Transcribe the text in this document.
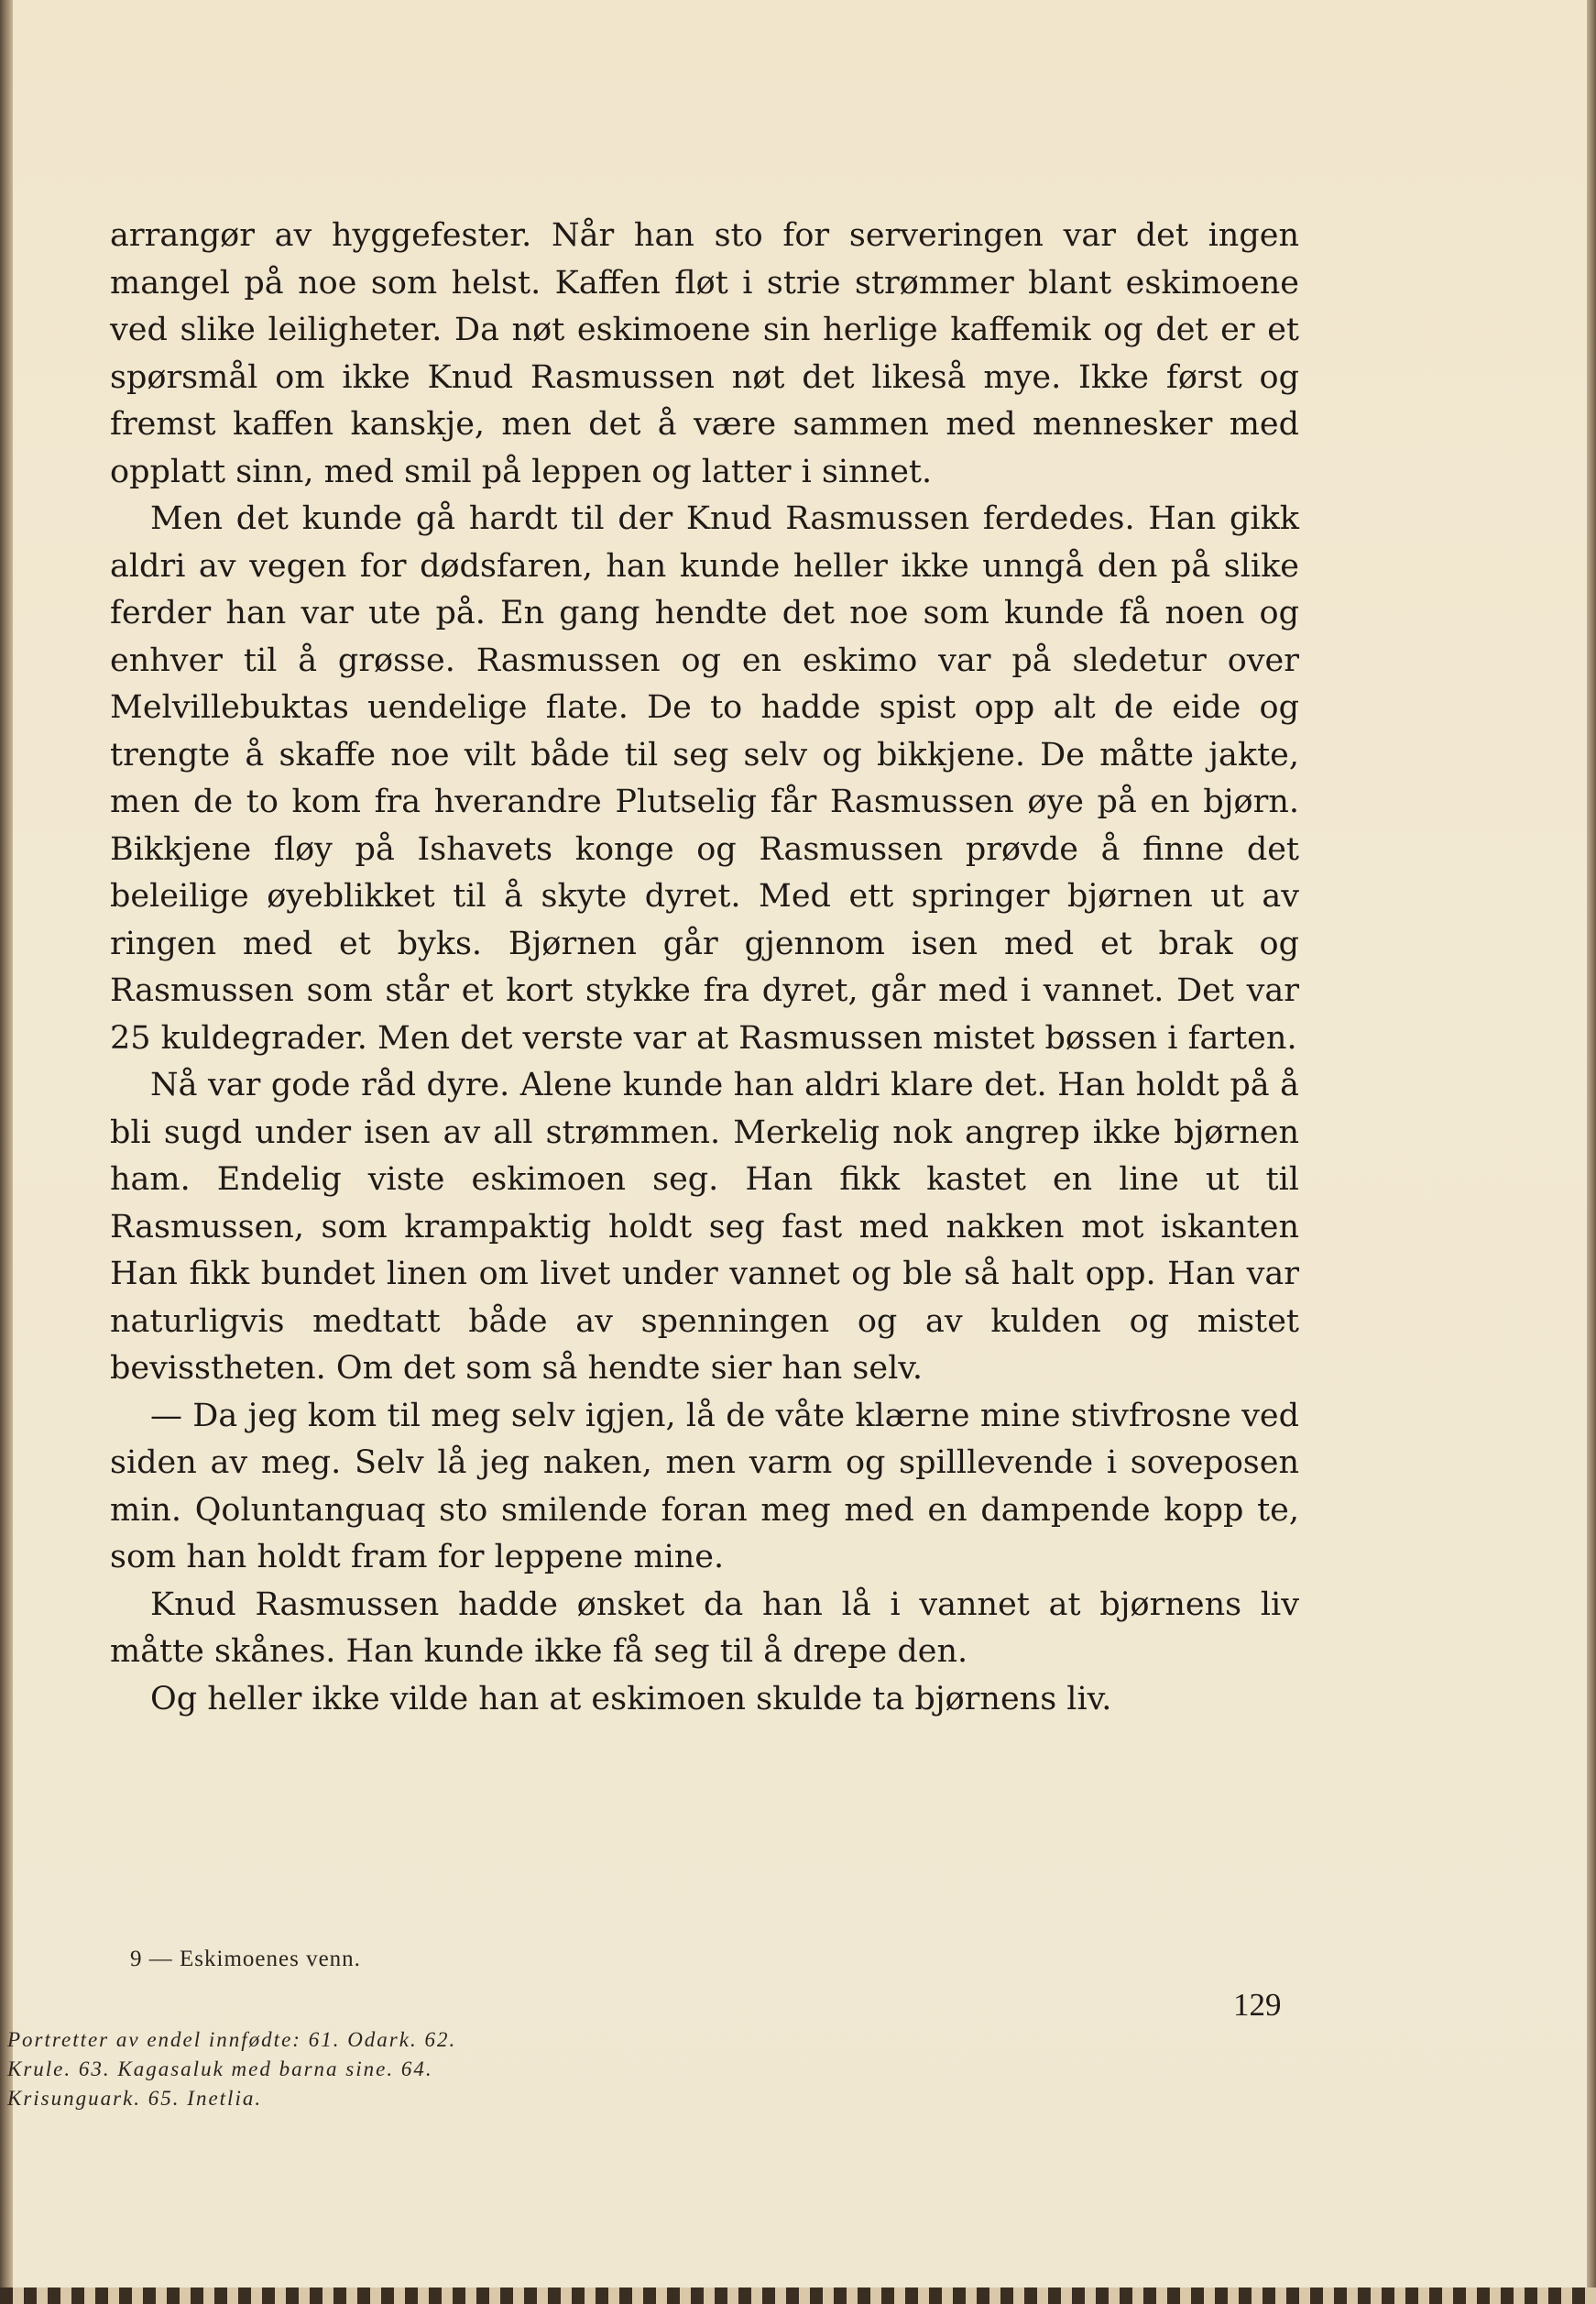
arrangør av hyggefester. Når han sto for serveringen var det ingen mangel på noe som helst. Kaffen fløt i strie strømmer blant eskimoene ved slike leiligheter. Da nøt eskimoene sin herlige kaffemik og det er et spørsmål om ikke Knud Rasmussen nøt det likeså mye. Ikke først og fremst kaffen kanskje, men det å være sammen med mennesker med opplatt sinn, med smil på leppen og latter i sinnet.

Men det kunde gå hardt til der Knud Rasmussen ferdedes. Han gikk aldri av vegen for dødsfaren, han kunde heller ikke unngå den på slike ferder han var ute på. En gang hendte det noe som kunde få noen og enhver til å grøsse. Rasmussen og en eskimo var på sledetur over Melvillebuktas uendelige flate. De to hadde spist opp alt de eide og trengte å skaffe noe vilt både til seg selv og bikkjene. De måtte jakte, men de to kom fra hverandre Plutselig får Rasmussen øye på en bjørn. Bikkjene fløy på Ishavets konge og Rasmussen prøvde å finne det beleilige øyeblikket til å skyte dyret. Med ett springer bjørnen ut av ringen med et byks. Bjørnen går gjennom isen med et brak og Rasmussen som står et kort stykke fra dyret, går med i vannet. Det var 25 kuldegrader. Men det verste var at Rasmussen mistet bøssen i farten.

Nå var gode råd dyre. Alene kunde han aldri klare det. Han holdt på å bli sugd under isen av all strømmen. Merkelig nok angrep ikke bjørnen ham. Endelig viste eskimoen seg. Han fikk kastet en line ut til Rasmussen, som krampaktig holdt seg fast med nakken mot iskanten Han fikk bundet linen om livet under vannet og ble så halt opp. Han var naturligvis medtatt både av spenningen og av kulden og mistet bevisstheten. Om det som så hendte sier han selv.

— Da jeg kom til meg selv igjen, lå de våte klærne mine stivfrosne ved siden av meg. Selv lå jeg naken, men varm og spilllevende i soveposen min. Qoluntanguaq sto smilende foran meg med en dampende kopp te, som han holdt fram for leppene mine.

Knud Rasmussen hadde ønsket da han lå i vannet at bjørnens liv måtte skånes. Han kunde ikke få seg til å drepe den.

Og heller ikke vilde han at eskimoen skulde ta bjørnens liv.

9 — Eskimoenes venn.
129
Portretter av endel innfødte: 61. Odark. 62.
Krule. 63. Kagasaluk med barna sine. 64.
Krisunguark. 65. Inetlia.
